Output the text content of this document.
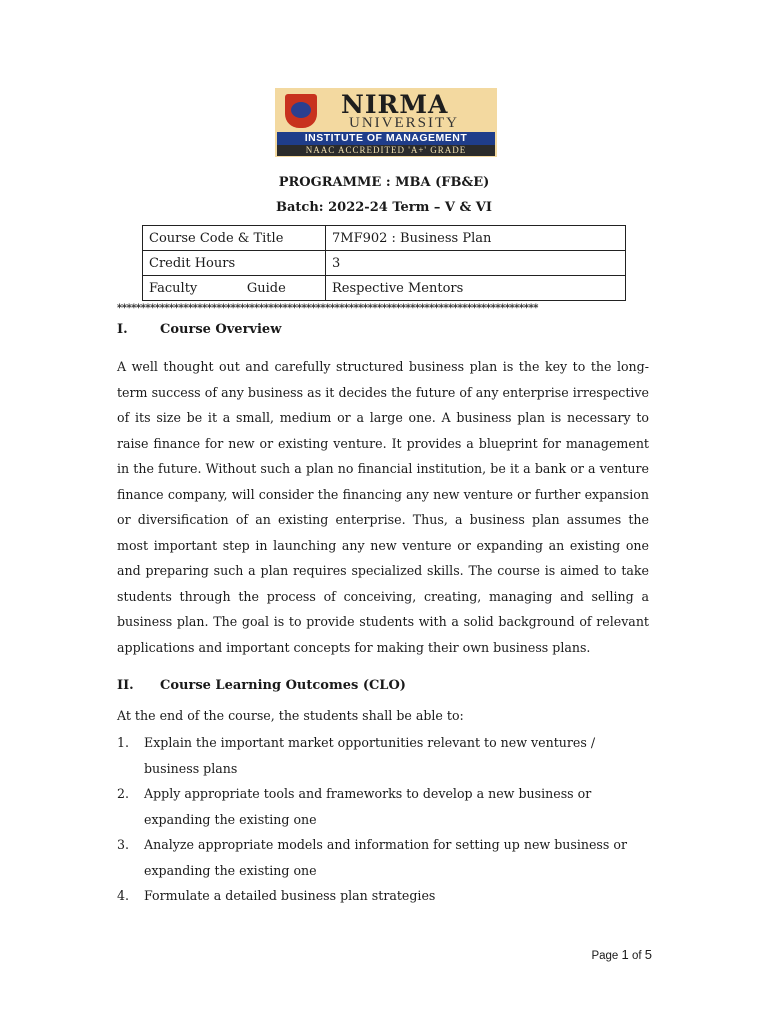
NIRMA
UNIVERSITY
INSTITUTE OF MANAGEMENT
NAAC ACCREDITED 'A+' GRADE
PROGRAMME : MBA (FB&E)
Batch: 2022-24 Term – V & VI
Course Code & Title	7MF902 : Business Plan
Credit Hours	3
Faculty            Guide	Respective Mentors
*****************************************************************************************
I. Course Overview
A well thought out and carefully structured business plan is the key to the long-term success of any business as it decides the future of any enterprise irrespective of its size be it a small, medium or a large one. A business plan is necessary to raise finance for new or existing venture. It provides a blueprint for management in the future. Without such a plan no financial institution, be it a bank or a venture finance company, will consider the financing any new venture or further expansion or diversification of an existing enterprise. Thus, a business plan assumes the most important step in launching any new venture or expanding an existing one and preparing such a plan requires specialized skills. The course is aimed to take students through the process of conceiving, creating, managing and selling a business plan. The goal is to provide students with a solid background of relevant applications and important concepts for making their own business plans.
II. Course Learning Outcomes (CLO)
At the end of the course, the students shall be able to:
1. Explain the important market opportunities relevant to new ventures / business plans
2. Apply appropriate tools and frameworks to develop a new business or expanding the existing one
3. Analyze appropriate models and information for setting up new business or expanding the existing one
4. Formulate a detailed business plan strategies
Page 1 of 5
